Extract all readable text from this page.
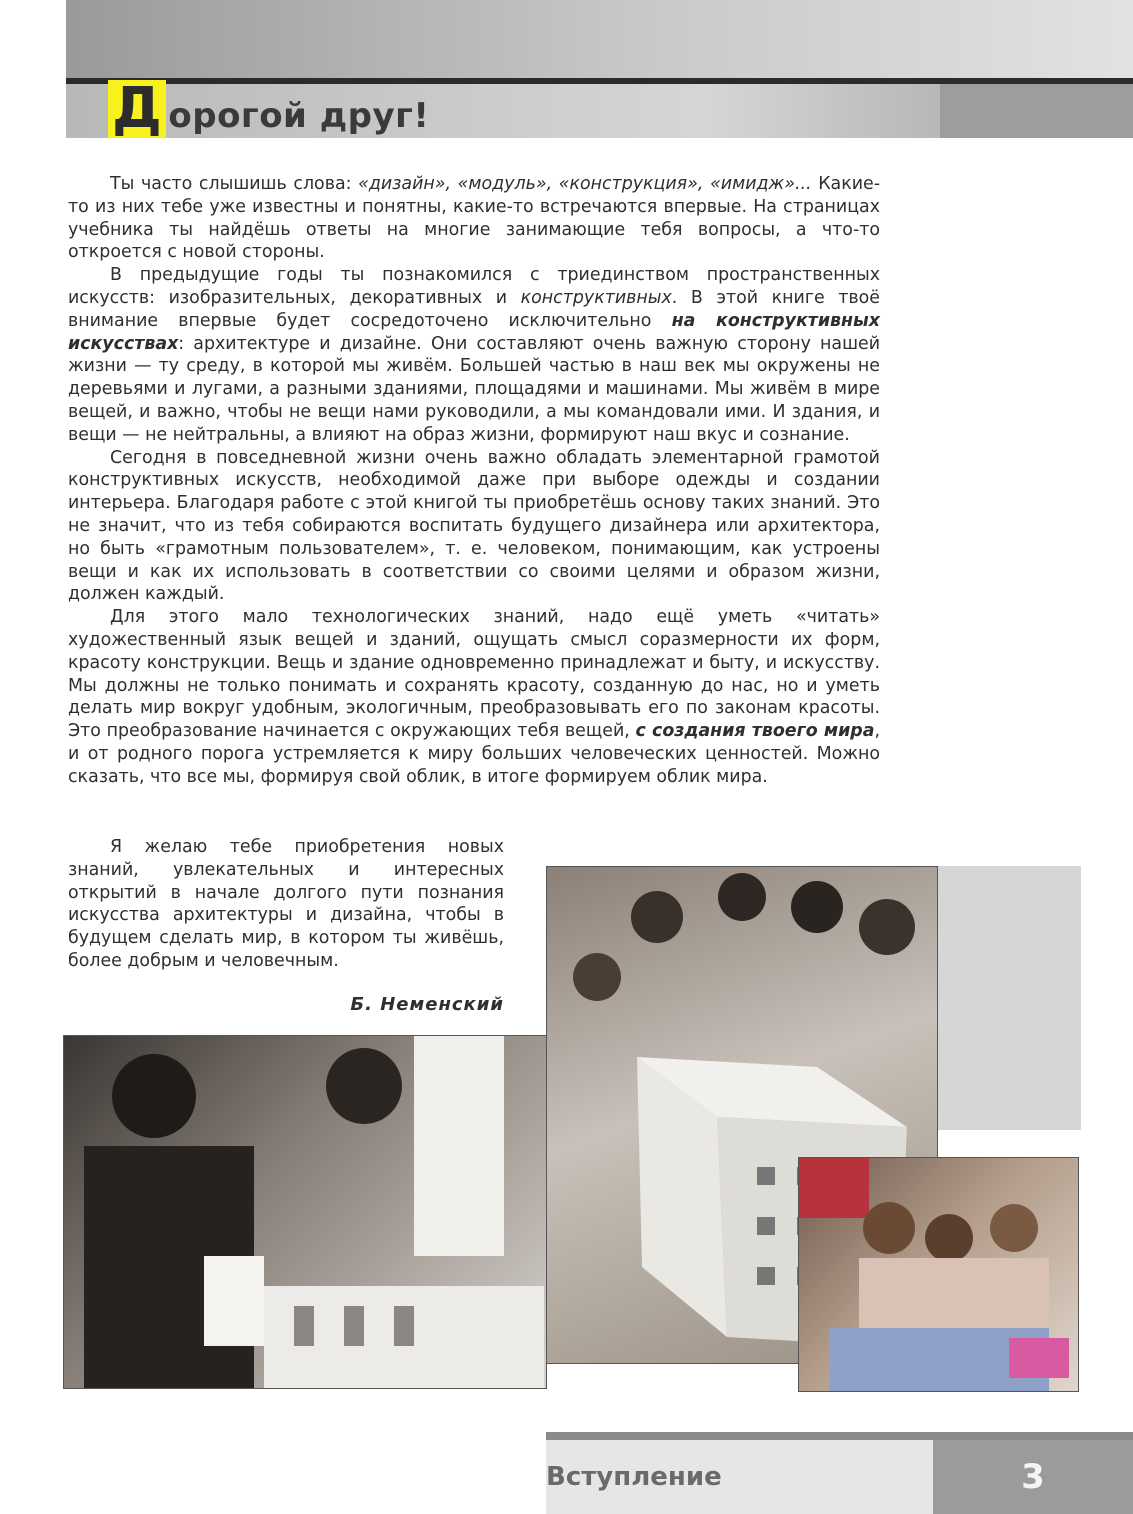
Д орогой друг!

Ты часто слышишь слова: «дизайн», «модуль», «конструкция», «имидж»... Какие-то из них тебе уже известны и понятны, какие-то встречаются впервые. На страницах учебника ты найдёшь ответы на многие занимающие тебя вопросы, а что-то откроется с новой стороны.

В предыдущие годы ты познакомился с триединством пространственных искусств: изобразительных, декоративных и конструктивных. В этой книге твоё внимание впервые будет сосредоточено исключительно на конструктивных искусствах: архитектуре и дизайне. Они составляют очень важную сторону нашей жизни — ту среду, в которой мы живём. Большей частью в наш век мы окружены не деревьями и лугами, а разными зданиями, площадями и машинами. Мы живём в мире вещей, и важно, чтобы не вещи нами руководили, а мы командовали ими. И здания, и вещи — не нейтральны, а влияют на образ жизни, формируют наш вкус и сознание.

Сегодня в повседневной жизни очень важно обладать элементарной грамотой конструктивных искусств, необходимой даже при выборе одежды и создании интерьера. Благодаря работе с этой книгой ты приобретёшь основу таких знаний. Это не значит, что из тебя собираются воспитать будущего дизайнера или архитектора, но быть «грамотным пользователем», т. е. человеком, понимающим, как устроены вещи и как их использовать в соответствии со своими целями и образом жизни, должен каждый.

Для этого мало технологических знаний, надо ещё уметь «читать» художественный язык вещей и зданий, ощущать смысл соразмерности их форм, красоту конструкции. Вещь и здание одновременно принадлежат и быту, и искусству. Мы должны не только понимать и сохранять красоту, созданную до нас, но и уметь делать мир вокруг удобным, экологичным, преобразовывать его по законам красоты. Это преобразование начинается с окружающих тебя вещей, с создания твоего мира, и от родного порога устремляется к миру больших человеческих ценностей. Можно сказать, что все мы, формируя свой облик, в итоге формируем облик мира.

Я желаю тебе приобретения новых знаний, увлекательных и интересных открытий в начале долгого пути познания искусства архитектуры и дизайна, чтобы в будущем сделать мир, в котором ты живёшь, более добрым и человечным.

Б. Неменский
Вступление	3
